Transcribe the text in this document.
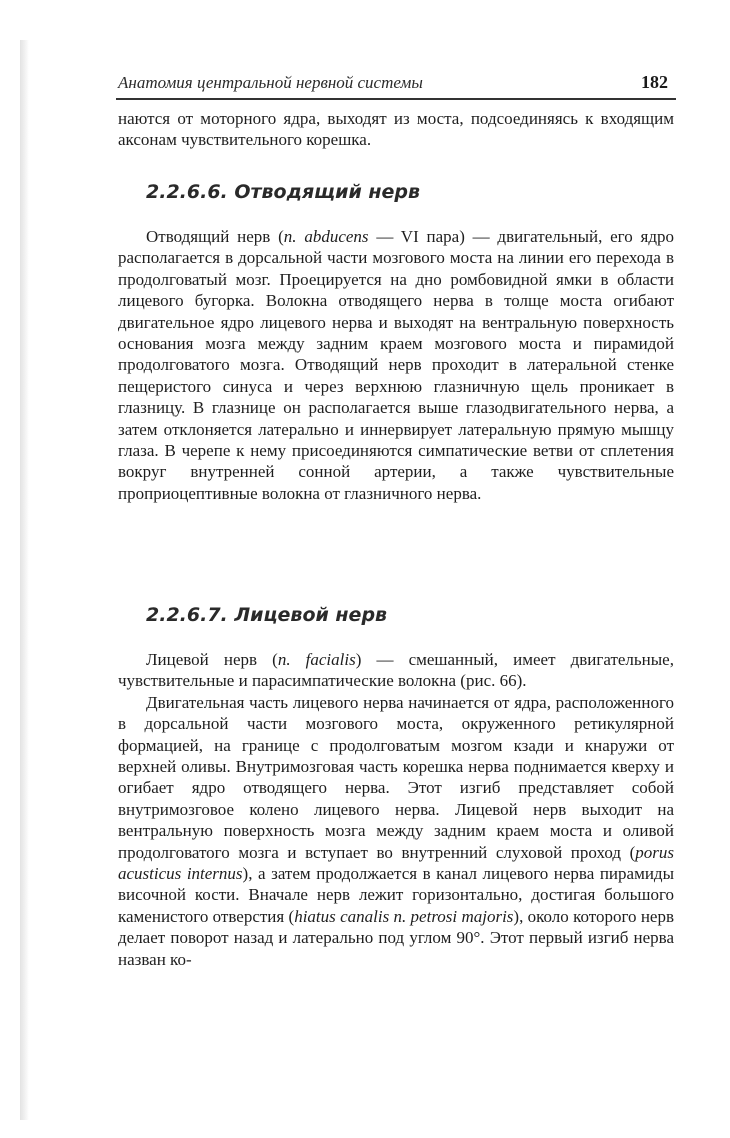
Анатомия центральной нервной системы	182

наются от моторного ядра, выходят из моста, подсоединяясь к входящим аксонам чувствительного корешка.

2.2.6.6. Отводящий нерв

Отводящий нерв (n. abducens — VI пара) — двигательный, его ядро располагается в дорсальной части мозгового моста на линии его перехода в продолговатый мозг. Проецируется на дно ромбовидной ямки в области лицевого бугорка. Волокна отводящего нерва в толще моста огибают двигательное ядро лицевого нерва и выходят на вентральную поверхность основания мозга между задним краем мозгового моста и пирамидой продолговатого мозга. Отводящий нерв проходит в латеральной стенке пещеристого синуса и через верхнюю глазничную щель проникает в глазницу. В глазнице он располагается выше глазодвигательного нерва, а затем отклоняется латерально и иннервирует латеральную прямую мышцу глаза. В черепе к нему присоединяются симпатические ветви от сплетения вокруг внутренней сонной артерии, а также чувствительные проприоцептивные волокна от глазничного нерва.

2.2.6.7. Лицевой нерв

Лицевой нерв (n. facialis) — смешанный, имеет двигательные, чувствительные и парасимпатические волокна (рис. 66).

Двигательная часть лицевого нерва начинается от ядра, расположенного в дорсальной части мозгового моста, окруженного ретикулярной формацией, на границе с продолговатым мозгом кзади и кнаружи от верхней оливы. Внутримозговая часть корешка нерва поднимается кверху и огибает ядро отводящего нерва. Этот изгиб представляет собой внутримозговое колено лицевого нерва. Лицевой нерв выходит на вентральную поверхность мозга между задним краем моста и оливой продолговатого мозга и вступает во внутренний слуховой проход (porus acusticus internus), а затем продолжается в канал лицевого нерва пирамиды височной кости. Вначале нерв лежит горизонтально, достигая большого каменистого отверстия (hiatus canalis n. petrosi majoris), около которого нерв делает поворот назад и латерально под углом 90°. Этот первый изгиб нерва назван ко-
